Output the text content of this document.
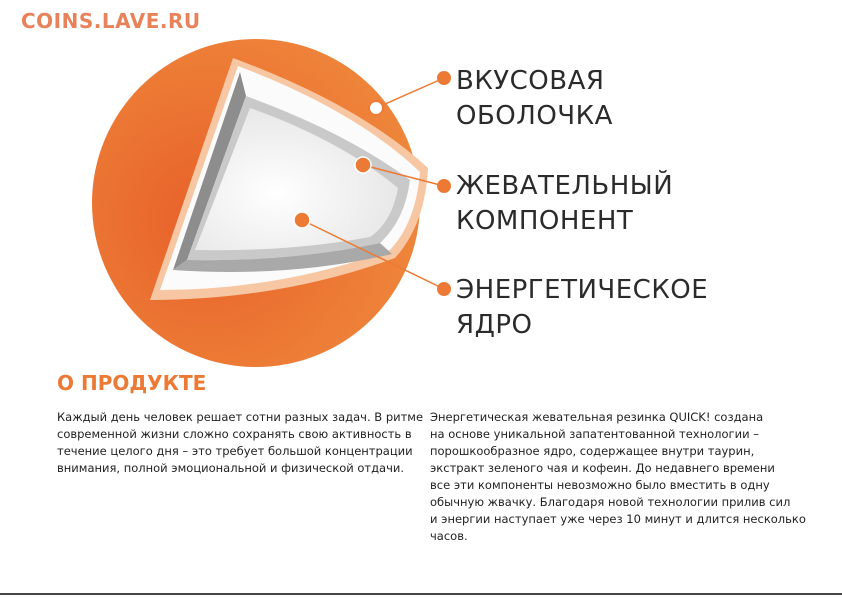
COINS.LAVE.RU
ВКУСОВАЯ
ОБОЛОЧКА
ЖЕВАТЕЛЬНЫЙ
КОМПОНЕНТ
ЭНЕРГЕТИЧЕСКОЕ
ЯДРО
О ПРОДУКТЕ
Каждый день человек решает сотни разных задач. В ритме
современной жизни сложно сохранять свою активность в
течение целого дня – это требует большой концентрации
внимания, полной эмоциональной и физической отдачи.
Энергетическая жевательная резинка QUICK! создана
на основе уникальной запатентованной технологии –
порошкообразное ядро, содержащее внутри таурин,
экстракт зеленого чая и кофеин. До недавнего времени
все эти компоненты невозможно было вместить в одну
обычную жвачку. Благодаря новой технологии прилив сил
и энергии наступает уже через 10 минут и длится несколько
часов.
